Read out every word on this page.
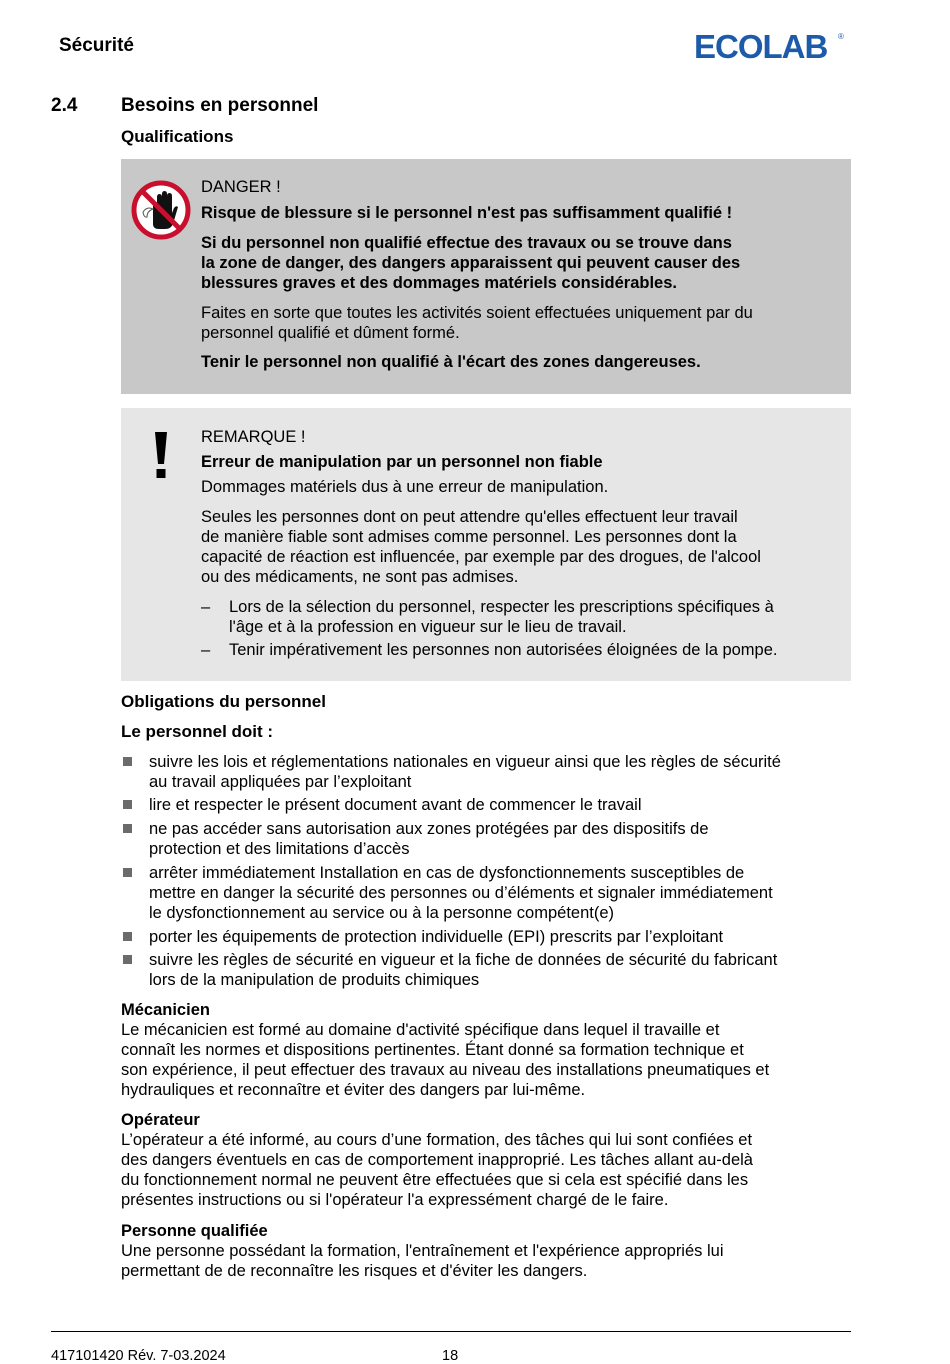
Sécurité	ECOLAB ®
2.4 Besoins en personnel
Qualifications
DANGER !
Risque de blessure si le personnel n'est pas suffisamment qualifié !
Si du personnel non qualifié effectue des travaux ou se trouve dans
la zone de danger, des dangers apparaissent qui peuvent causer des
blessures graves et des dommages matériels considérables.
Faites en sorte que toutes les activités soient effectuées uniquement par du
personnel qualifié et dûment formé.
Tenir le personnel non qualifié à l'écart des zones dangereuses.
REMARQUE !
Erreur de manipulation par un personnel non fiable
Dommages matériels dus à une erreur de manipulation.
Seules les personnes dont on peut attendre qu'elles effectuent leur travail
de manière fiable sont admises comme personnel. Les personnes dont la
capacité de réaction est influencée, par exemple par des drogues, de l'alcool
ou des médicaments, ne sont pas admises.
– Lors de la sélection du personnel, respecter les prescriptions spécifiques à
l'âge et à la profession en vigueur sur le lieu de travail.
– Tenir impérativement les personnes non autorisées éloignées de la pompe.
Obligations du personnel
Le personnel doit :
suivre les lois et réglementations nationales en vigueur ainsi que les règles de sécurité
au travail appliquées par l’exploitant
lire et respecter le présent document avant de commencer le travail
ne pas accéder sans autorisation aux zones protégées par des dispositifs de
protection et des limitations d’accès
arrêter immédiatement Installation en cas de dysfonctionnements susceptibles de
mettre en danger la sécurité des personnes ou d’éléments et signaler immédiatement
le dysfonctionnement au service ou à la personne compétent(e)
porter les équipements de protection individuelle (EPI) prescrits par l’exploitant
suivre les règles de sécurité en vigueur et la fiche de données de sécurité du fabricant
lors de la manipulation de produits chimiques
Mécanicien
Le mécanicien est formé au domaine d'activité spécifique dans lequel il travaille et
connaît les normes et dispositions pertinentes. Étant donné sa formation technique et
son expérience, il peut effectuer des travaux au niveau des installations pneumatiques et
hydrauliques et reconnaître et éviter des dangers par lui-même.
Opérateur
L’opérateur a été informé, au cours d’une formation, des tâches qui lui sont confiées et
des dangers éventuels en cas de comportement inapproprié. Les tâches allant au-delà
du fonctionnement normal ne peuvent être effectuées que si cela est spécifié dans les
présentes instructions ou si l'opérateur l'a expressément chargé de le faire.
Personne qualifiée
Une personne possédant la formation, l'entraînement et l'expérience appropriés lui
permettant de de reconnaître les risques et d'éviter les dangers.
417101420 Rév. 7-03.2024	18
